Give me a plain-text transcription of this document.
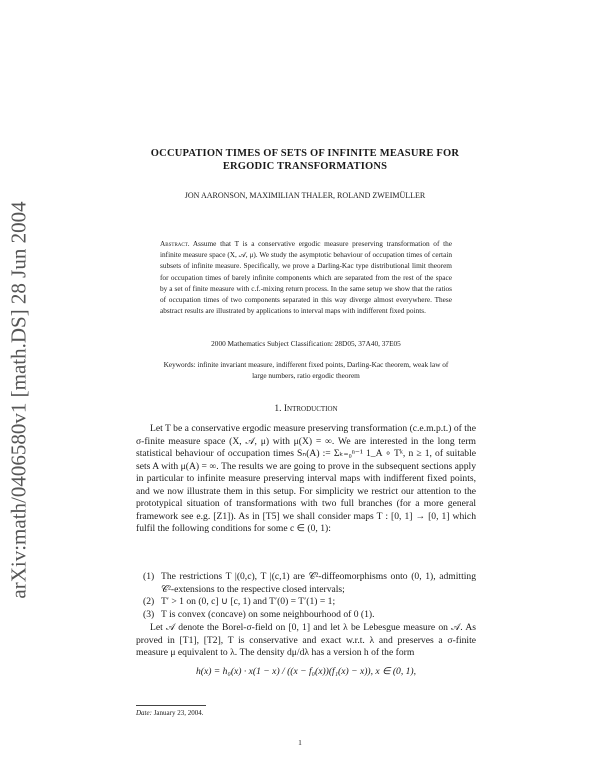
arXiv:math/0406580v1 [math.DS] 28 Jun 2004
OCCUPATION TIMES OF SETS OF INFINITE MEASURE FOR
ERGODIC TRANSFORMATIONS
JON AARONSON, MAXIMILIAN THALER, ROLAND ZWEIMÜLLER
Abstract. Assume that T is a conservative ergodic measure preserving transformation of the infinite measure space (X, 𝒜, μ). We study the asymptotic behaviour of occupation times of certain subsets of infinite measure. Specifically, we prove a Darling-Kac type distributional limit theorem for occupation times of barely infinite components which are separated from the rest of the space by a set of finite measure with c.f.-mixing return process. In the same setup we show that the ratios of occupation times of two components separated in this way diverge almost everywhere. These abstract results are illustrated by applications to interval maps with indifferent fixed points.
2000 Mathematics Subject Classification: 28D05, 37A40, 37E05
Keywords: infinite invariant measure, indifferent fixed points, Darling-Kac theorem, weak law of large numbers, ratio ergodic theorem
1. Introduction
Let T be a conservative ergodic measure preserving transformation (c.e.m.p.t.) of the σ-finite measure space (X, 𝒜, μ) with μ(X) = ∞. We are interested in the long term statistical behaviour of occupation times Sₙ(A) := Σₖ₌₀ⁿ⁻¹ 1_A ∘ Tᵏ, n ≥ 1, of suitable sets A with μ(A) = ∞. The results we are going to prove in the subsequent sections apply in particular to infinite measure preserving interval maps with indifferent fixed points, and we now illustrate them in this setup. For simplicity we restrict our attention to the prototypical situation of transformations with two full branches (for a more general framework see e.g. [Z1]). As in [T5] we shall consider maps T : [0, 1] → [0, 1] which fulfil the following conditions for some c ∈ (0, 1):
(1) The restrictions T |(0,c), T |(c,1) are 𝒞²-diffeomorphisms onto (0, 1), admitting 𝒞²-extensions to the respective closed intervals;
(2) T′ > 1 on (0, c] ∪ [c, 1) and T′(0) = T′(1) = 1;
(3) T is convex (concave) on some neighbourhood of 0 (1).
Let 𝒜 denote the Borel-σ-field on [0, 1] and let λ be Lebesgue measure on 𝒜. As proved in [T1], [T2], T is conservative and exact w.r.t. λ and preserves a σ-finite measure μ equivalent to λ. The density dμ/dλ has a version h of the form
h(x) = h₀(x) · x(1 − x) / ((x − f₀(x))(f₁(x) − x)), x ∈ (0, 1),
Date: January 23, 2004.
1
